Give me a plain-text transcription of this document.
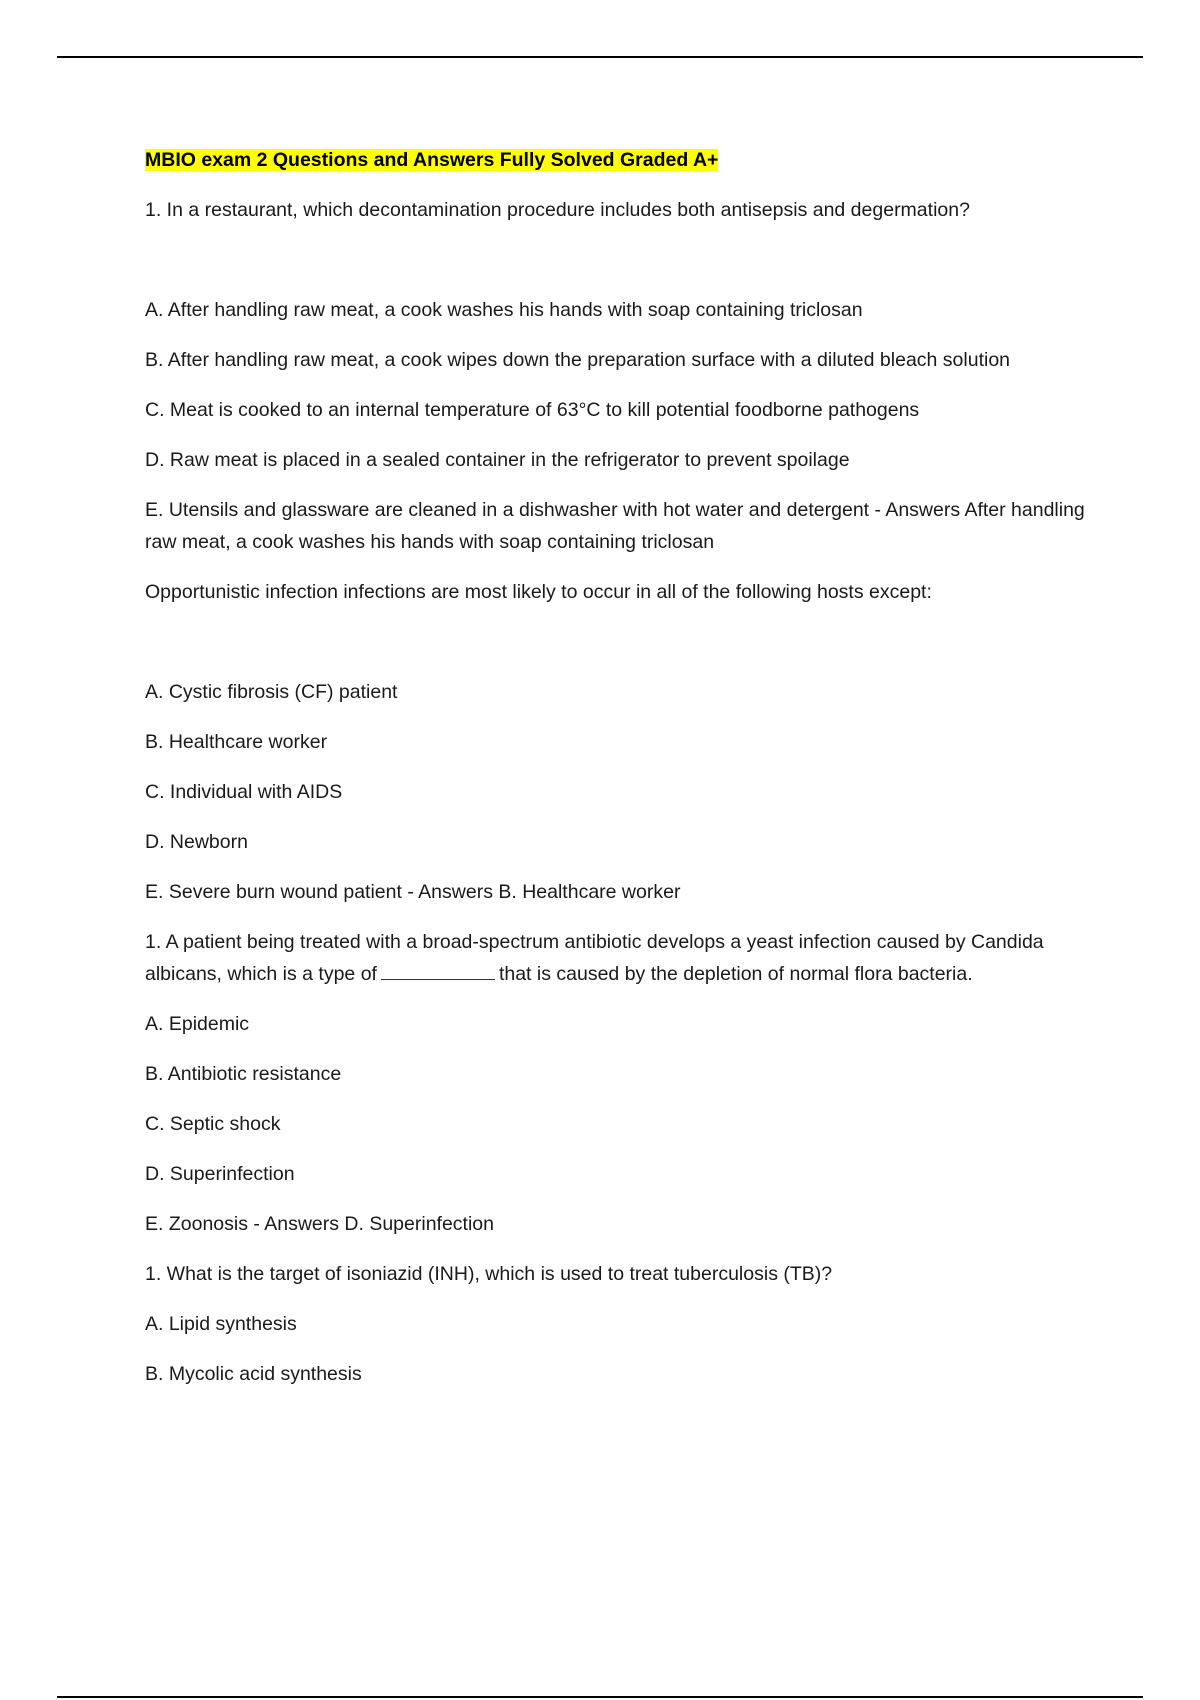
MBIO exam 2 Questions and Answers Fully Solved Graded A+

1. In a restaurant, which decontamination procedure includes both antisepsis and degermation?

A. After handling raw meat, a cook washes his hands with soap containing triclosan

B. After handling raw meat, a cook wipes down the preparation surface with a diluted bleach solution

C. Meat is cooked to an internal temperature of 63°C to kill potential foodborne pathogens

D. Raw meat is placed in a sealed container in the refrigerator to prevent spoilage

E. Utensils and glassware are cleaned in a dishwasher with hot water and detergent - Answers After handling raw meat, a cook washes his hands with soap containing triclosan

Opportunistic infection infections are most likely to occur in all of the following hosts except:

A. Cystic fibrosis (CF) patient

B. Healthcare worker

C. Individual with AIDS

D. Newborn

E. Severe burn wound patient - Answers B. Healthcare worker

1. A patient being treated with a broad-spectrum antibiotic develops a yeast infection caused by Candida albicans, which is a type of	that is caused by the depletion of normal flora bacteria.

A. Epidemic

B. Antibiotic resistance

C. Septic shock

D. Superinfection

E. Zoonosis - Answers D. Superinfection

1. What is the target of isoniazid (INH), which is used to treat tuberculosis (TB)?

A. Lipid synthesis

B. Mycolic acid synthesis
